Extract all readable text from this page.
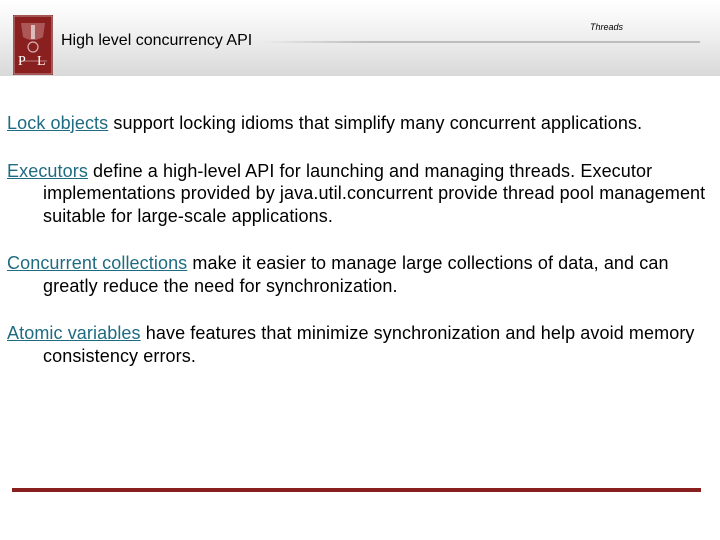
P L
High level concurrency API
Threads

Lock objects support locking idioms that simplify many concurrent applications.

Executors define a high-level API for launching and managing threads. Executor implementations provided by java.util.concurrent provide thread pool management suitable for large-scale applications.

Concurrent collections make it easier to manage large collections of data, and can greatly reduce the need for synchronization.

Atomic variables have features that minimize synchronization and help avoid memory consistency errors.
